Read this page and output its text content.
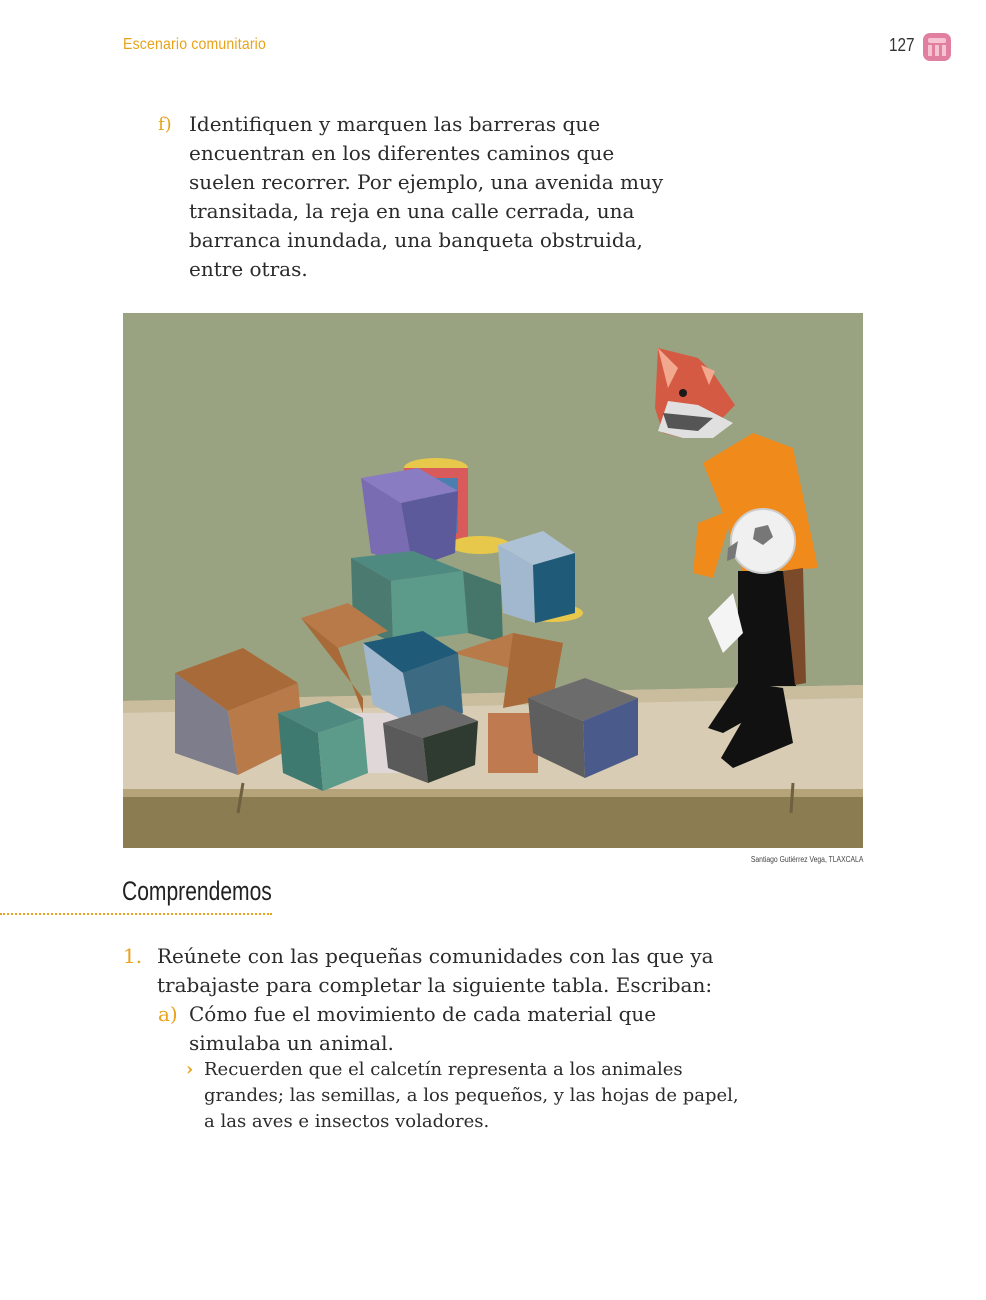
Escenario comunitario	127
f) Identifiquen y marquen las barreras que encuentran en los diferentes caminos que suelen recorrer. Por ejemplo, una avenida muy transitada, la reja en una calle cerrada, una barranca inundada, una banqueta obstruida, entre otras.
Santiago Gutiérrez Vega, TLAXCALA
Comprendemos
1. Reúnete con las pequeñas comunidades con las que ya trabajaste para completar la siguiente tabla. Escriban:
a) Cómo fue el movimiento de cada material que simulaba un animal.
› Recuerden que el calcetín representa a los animales grandes; las semillas, a los pequeños, y las hojas de papel, a las aves e insectos voladores.
